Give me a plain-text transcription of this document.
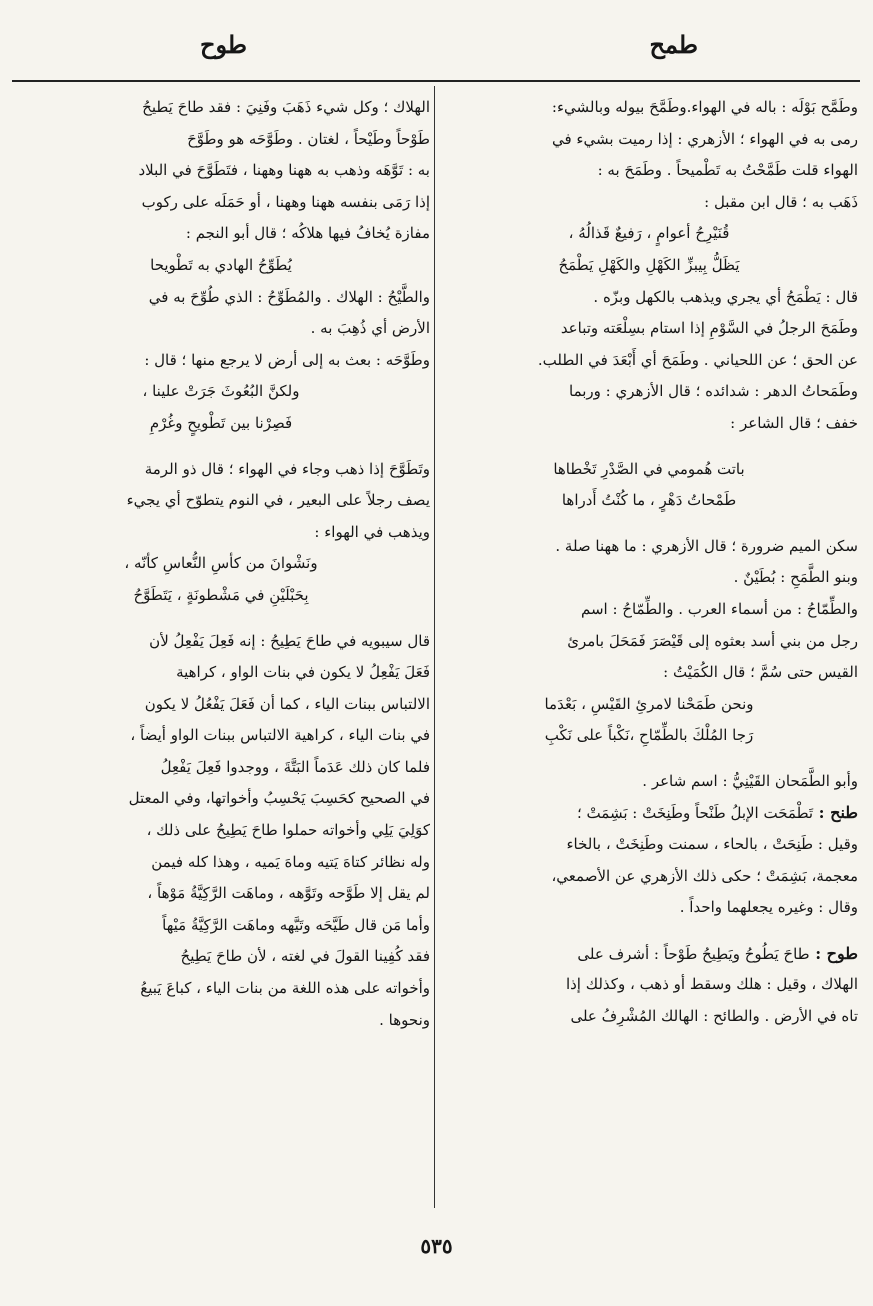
طمح
طوح
وطَمَّح بَوْلَه : باله في الهواء.وطَمَّحَ بيوله وبالشيء:
رمى به في الهواء ؛ الأزهري : إذا رميت بشيء في
الهواء قلت طَمَّحْتُ به تَطْميحاً . وطَمَحَ به :
ذَهَب به ؛ قال ابن مقبل :
قُنَيْرِحُ أعوامٍ ، رَفيعٌ قَذالُهُ ،
يَظَلُّ بِيبزِّ الكَهْلِ والكَهْلِ يَطْمَحُ
قال : يَطْمَحُ أي يجري ويذهب بالكهل وبزّه .
وطَمَحَ الرجلُ في السَّوْمِ إذا استام بسِلْعَته وتباعد
عن الحق ؛ عن اللحياني . وطَمَحَ أي أَبْعَدَ في الطلب.
وطَمَحاتُ الدهر : شدائده ؛ قال الأزهري : وربما
خفف ؛ قال الشاعر :
باتت هُمومي في الصَّدْرِ تَخْطاها
طَمْحاتُ دَهْرٍ ، ما كُنْتُ أَدراها
سكن الميم ضرورة ؛ قال الأزهري : ما ههنا صلة .
وبنو الطَّمَحِ : بُطَيْنٌ .
والطِّمّاحُ : من أسماء العرب . والطِّمّاحُ : اسم
رجل من بني أسد بعثوه إلى قَيْصَرَ فَمَحَلَ بامرئ
القيس حتى سُمَّ ؛ قال الكُمَيْتُ :
ونحن طَمَحْنا لامرئِ القَيْسِ ، بَعْدَما
رَجا المُلْكَ بالطِّمّاحِ ،نَكْباً على نَكْبِ
وأبو الطَّمَحان القَيْنِيُّ : اسم شاعر .
طنح : تَطْمَحَت الإبلُ طَنْحاً وطَنِخَتْ : بَشِمَتْ ؛
وقيل : طَنِحَتْ ، بالحاء ، سمنت وطَنِخَتْ ، بالخاء
معجمة، بَشِمَتْ ؛ حكى ذلك الأزهري عن الأصمعي،
وقال : وغيره يجعلهما واحداً .
طوح : طاحَ يَطُوحُ ويَطِيحُ طَوْحاً : أشرف على
الهلاك ، وقيل : هلك وسقط أو ذهب ، وكذلك إذا
تاه في الأرض . والطائح : الهالك المُشْرِفُ على
الهلاك ؛ وكل شيء ذَهَبَ وفَنِيَ : فقد طاحَ يَطيحُ
طَوْحاً وطَيْحاً ، لغتان . وطَوَّحَه هو وطَوَّحَ
به : تَوَّهَه وذهب به ههنا وههنا ، فتَطَوَّحَ في البلاد
إذا رَمَى بنفسه ههنا وههنا ، أو حَمَلَه على ركوب
مفازة يُخافُ فيها هلاكُه ؛ قال أبو النجم :
يُطَوِّحُ الهادي به تَطْويحا
والطَّيْحُ : الهلاك . والمُطَوِّحُ : الذي طُوِّحَ به في
الأرض أي ذُهِبَ به .
وطَوَّحَه : بعث به إلى أرض لا يرجع منها ؛ قال :
ولكنَّ البُعُوثَ جَرَتْ علينا ،
فَصِرْنا بين تَطْويحٍ وغُرْمِ
وتَطَوَّحَ إذا ذهب وجاء في الهواء ؛ قال ذو الرمة
يصف رجلاً على البعير ، في النوم يتطوّح أي يجيء
ويذهب في الهواء :
ونَشْوانَ من كأسِ النُّعاسِ كأنّه ،
بِحَبْلَيْنِ في مَشْطونَةٍ ، يَتَطَوَّحُ
قال سيبويه في طاحَ يَطِيحُ : إنه فَعِلَ يَفْعِلُ لأن
فَعَلَ يَفْعِلُ لا يكون في بنات الواو ، كراهية
الالتباس ببنات الياء ، كما أن فَعَلَ يَفْعُلُ لا يكون
في بنات الياء ، كراهية الالتباس ببنات الواو أيضاً ،
فلما كان ذلك عَدَماً البَتَّةَ ، ووجدوا فَعِلَ يَفْعِلُ
في الصحيح كحَسِبَ يَحْسِبُ وأخواتها، وفي المعتل
كوَلِيَ يَلِي وأخواته حملوا طاحَ يَطِيحُ على ذلك ،
وله نظائر كتاهَ يَتيه وماهَ يَميه ، وهذا كله فيمن
لم يقل إلا طَوَّحه وتَوَّهه ، وماهَت الرَّكِيَّةُ مَوْهاً ،
وأما مَن قال طَيَّحَه وتَيَّهه وماهَت الرَّكِيَّةُ مَيْهاً
فقد كُفِينا القولَ في لغته ، لأن طاحَ يَطِيحُ
وأخواته على هذه اللغة من بنات الياء ، كباعَ يَبيعُ
ونحوها .
٥٣٥
